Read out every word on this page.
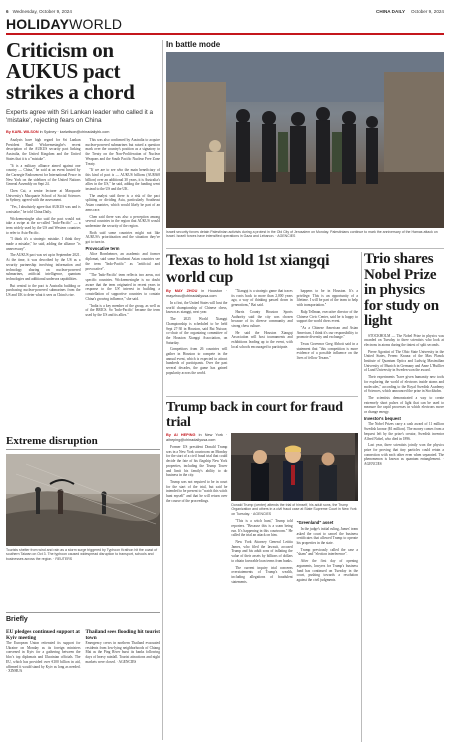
6 Wednesday, October 9, 2024	CHINA DAILY October 9, 2024
HOLIDAYWORLD
Criticism on AUKUS pact strikes a chord
Experts agree with Sri Lankan leader who called it a 'mistake', rejecting fears on China
By KARL WILSON in Sydney · karlwilson@chinadailyhk.com

Analysts have high regard for Sri Lankan President Ranil Wickremesinghe's recent description of the AUKUS security pact linking Australia, the United Kingdom and the United States that it is a "mistake".

"It is a military alliance aimed against one country — China," he said at an event hosted by the Carnegie Endowment for International Peace in New York on the sidelines of the United Nations General Assembly on Sept 24.

Chen Cai, a senior lecturer at Macquarie University's Macquarie School of Social Sciences in Sydney, agreed with the assessment.

"Yes, I absolutely agree that AUKUS was and is a mistake," he told China Daily.

Wickremesinghe also said the pact would not take a swipe at the so-called "Indo-Pacific" — a term widely used by the US and Western countries to refer to Asia-Pacific.

"I think it's a strategic mistake. I think they made a mistake," he said, adding the alliance "is unnecessary".

The AUKUS pact was set up in September 2021. At the time, it was described by the US as a security partnership involving information and technology sharing on nuclear-powered submarines, artificial intelligence, quantum technologies and additional undersea capabilities.

But central to the pact is Australia building or purchasing nuclear-powered submarines from the US and UK to deter what it sees as China's rise.

This was also confirmed by Australia to acquire nuclear-powered submarines but raised a question mark over the country's position as a signatory to the Treaty on the Non-Proliferation of Nuclear Weapons and the South Pacific Nuclear Free Zone Treaty.

"If we are to see who the main beneficiary of this kind of pact is — AUKUS billions (AU$368 billion) over an additional 30 years, it is Australia's allies in the US," he said, adding the funding went instead to the US and the UK.

The analyst said there is a risk of the pact splitting or dividing Asia, particularly Southeast Asian countries, which would likely be part of an arms race.

Chen said there was also a perception among several countries in the region that AUKUS would undermine the security of the region.

Both said some countries might not like AUKUS's prioritization and the situation they've got to turn in.

Provocative term

Alice Bornheimer, an academic and former diplomat, said some Southeast Asian countries see the term "Indo-Pacific" as "artificial and provocative".

"The 'Indo-Pacific' term reflects two areas, not specific countries. Wickremesinghe is no doubt aware that the term originated in recent years in response to the US' interest in building a constellation of supportive countries to contain China's growing influence," she said.

"India is a key member of the group, as well as of the BRICS. So 'Indo-Pacific' became the term used by the US and its allies."

Extreme disruption
Tourists shelter from wind and rain as a storm surge triggered by Typhoon Krathon hit the coast of southern Taiwan on Oct 3. The typhoon caused widespread disruption to transport, schools and businesses across the region. · REUTERS
Briefly
EU pledges continued support at Kyiv meeting
The European Union reiterated its support for Ukraine on Monday as its foreign ministers convened in Kyiv for a gathering between the bloc's top diplomats and Ukrainian officials. The EU, which has provided over €100 billion in aid, affirmed it would stand by Kyiv as long as needed. · XINHUA
Thailand sees flooding hit tourist town
Emergency crews in northern Thailand evacuated residents from low-lying neighborhoods of Chiang Mai as the Ping River burst its banks following days of heavy rainfall. Tourist attractions and night markets were closed. · AGENCIES
In battle mode
Israeli security forces detain Palestinian activists during a protest in the Old City of Jerusalem on Monday. Palestinians continue to mark the anniversary of the Hamas attack on Israel. Israeli forces have intensified operations in Gaza and Lebanon. · AGENCIES
Texas to hold 1st xiangqi world cup
By MAY ZHOU in Houston · mayzhou@chinadailyusa.com

In a first, the United States will host the world championship of Chinese chess, known as xiangqi, next year.

The 2025 World Xiangqi Championship is scheduled to be held Sept 27-30 in Houston, said Bai Nuixue, co-chair of the organizing committee of the Houston Xiangqi Association, on Saturday.

Competitors from 26 countries will gather in Houston to compete in the annual event, which is expected to attract hundreds of participants. Over the past several decades, the game has gained popularity across the world.

"Xiangqi is a strategic game that traces its roots back to more than 2,000 years ago, a way of thinking passed down in generations," Bai said.

Harris County Houston Sports Authority said the city was chosen because of its diverse community and strong chess culture.

He said the Houston Xiangqi Association will host tournaments and exhibitions leading up to the event, with local schools encouraged to participate.

happens to be in Houston. It's a privilege. This is an opportunity of a lifetime. I will be part of the team to help with transportation."

Ralp Tellman, executive director of the Chinese Civic Center, said he is happy to support the world chess event.

"As a Chinese American and Asian American, I think it's our responsibility to promote diversity and exchange."

Texas Governor Greg Abbott said in a statement that "this competition is more evidence of a possible influence on the lives of fellow Texans."

Trio shares Nobel Prize in physics for study on light

STOCKHOLM — The Nobel Prize in physics was awarded on Tuesday to three scientists who look at electrons in atoms during the tiniest of split seconds.

Pierre Agostini of The Ohio State University in the United States, Ferenc Krausz of the Max Planck Institute of Quantum Optics and Ludwig Maximilian University of Munich in Germany and Anne L'Huillier of Lund University in Sweden won the award.

Their experiments "have given humanity new tools for exploring the world of electrons inside atoms and molecules," according to the Royal Swedish Academy of Sciences, which announced the prize in Stockholm.

The scientists demonstrated a way to create extremely short pulses of light that can be used to measure the rapid processes in which electrons move or change energy.

Investor's bequest

The Nobel Prizes carry a cash award of 11 million Swedish kronor ($1 million). The money comes from a bequest left by the prize's creator, Swedish inventor Alfred Nobel, who died in 1896.

Last year, three scientists jointly won the physics prize for proving that tiny particles could retain a connection with each other even when separated. The phenomenon is known as quantum entanglement. · AGENCIES

Trump back in court for fraud trial
By AI HEPING in New York · aiheping@chinadailyusa.com

Former US president Donald Trump was in a New York courtroom on Monday for the start of a civil fraud trial that could decide the fate of his flagship New York properties, including the Trump Tower and limit his family's ability to do business in the city.

Trump was not required to be in court for the start of the trial, but said he intended to be present to "watch this witch hunt myself" and that he will return over the course of the proceedings.

Donald Trump (center) attends the trial of himself, his adult sons, the Trump Organization and others in a civil fraud case at State Supreme Court in New York on Tuesday. · AGENCIES

"This is a witch hunt," Trump told reporters. "Because this is a scam being run. It's happening in this courtroom." He called the trial an attack on him.

New York Attorney General Letitia James, who filed the lawsuit, accused Trump and his adult sons of inflating the value of their assets by billions of dollars to obtain favorable loan terms from banks.

The current inquiry trial concerns overstatements of Trump's wealth, including allegations of fraudulent statements.

"Greenland" asset

In the judge's initial ruling, James' team asked the court to cancel the business certificates that allowed Trump to operate his properties in the state.

Trump previously called the case a "sham" and "election interference".

After the first day of opening arguments, lawyers for Trump's business fund has continued on Tuesday in the court, pushing towards a resolution against the civil judgments.
